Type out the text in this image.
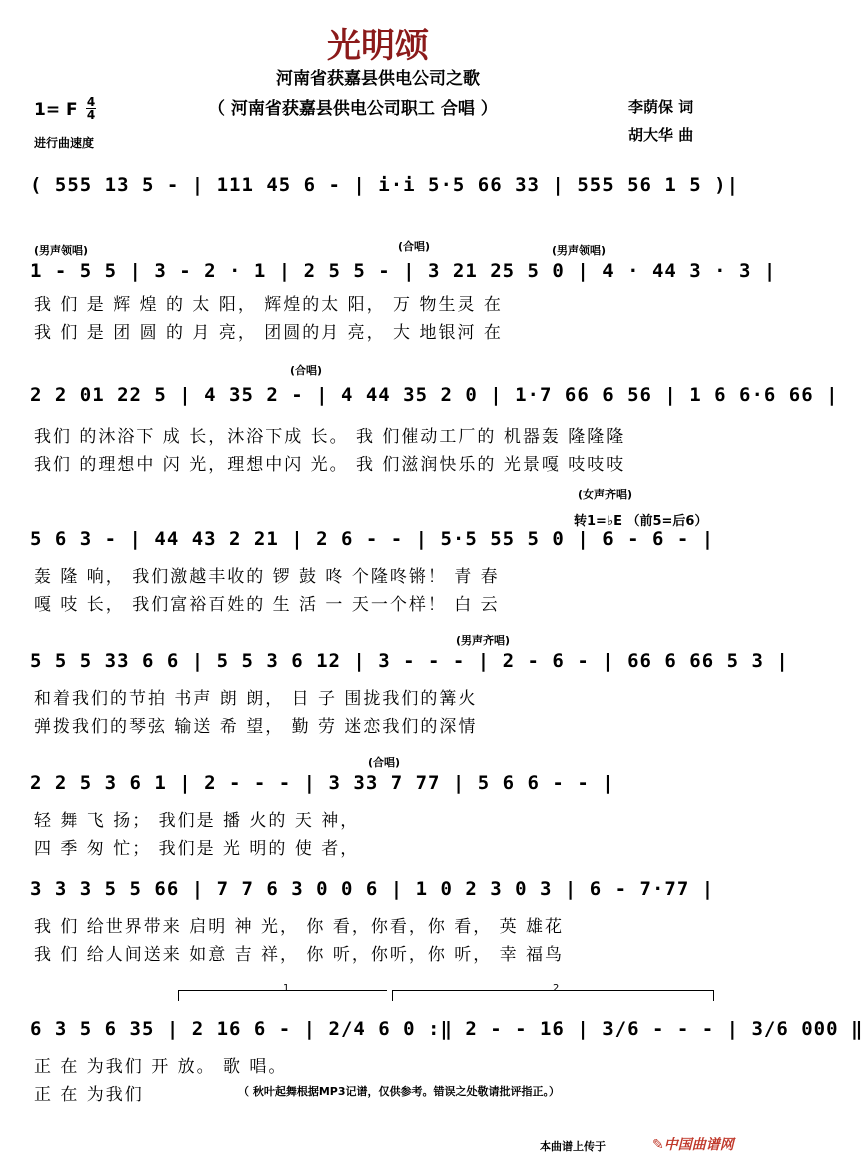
光明颂
河南省获嘉县供电公司之歌
（ 河南省获嘉县供电公司职工 合唱 ）	李荫保 词
胡大华 曲
1= F 4
4
进行曲速度
( 555 13 5 - | 111 45 6 - | i·i 5·5 66 33 | 555 56 1 5 )|
(男声领唱)	(合唱)	(男声领唱)
1 - 5 5 | 3 - 2 · 1 | 2 5 5 - | 3 21 25 5 0 | 4 · 44 3 · 3 |
我 们 是 辉 煌 的 太 阳， 辉煌的太 阳， 万 物生灵 在
我 们 是 团 圆 的 月 亮， 团圆的月 亮， 大 地银河 在
(合唱)
2 2 01 22 5 | 4 35 2 - | 4 44 35 2 0 | 1·7 66 6 56 | 1 6 6·6 66 |
我们 的沐浴下 成 长，沐浴下成 长。 我 们催动工厂的 机器轰 隆隆隆
我们 的理想中 闪 光，理想中闪 光。 我 们滋润快乐的 光景嘎 吱吱吱
(女声齐唱)
转1=♭E （前5=后6）
5 6 3 - | 44 43 2 21 | 2 6 - - | 5·5 55 5 0 | 6 - 6 - |
轰 隆 响， 我们激越丰收的 锣 鼓 咚 个隆咚锵！ 青 春
嘎 吱 长， 我们富裕百姓的 生 活 一 天一个样！ 白 云
(男声齐唱)
5 5 5 33 6 6 | 5 5 3 6 12 | 3 - - - | 2 - 6 - | 66 6 66 5 3 |
和着我们的节拍 书声 朗 朗， 日 子 围拢我们的篝火
弹拨我们的琴弦 输送 希 望， 勤 劳 迷恋我们的深情
(合唱)
2 2 5 3 6 1 | 2 - - - | 3 33 7 77 | 5 6 6 - - |
轻 舞 飞 扬； 我们是 播 火的 天 神，
四 季 匆 忙； 我们是 光 明的 使 者，
3 3 3 5 5 66 | 7 7 6 3 0 0 6 | 1 0 2 3 0 3 | 6 - 7·77 |
我 们 给世界带来 启明 神 光， 你 看，你看，你 看， 英 雄花
我 们 给人间送来 如意 吉 祥， 你 听，你听，你 听， 幸 福鸟
1	2
6 3 5 6 35 | 2 16 6 - | 2/4 6 0 :‖ 2 - - 16 | 3/6 - - - | 3/6 000 ‖
正 在 为我们 开 放。 歌 唱。
正 在 为我们	（ 秋叶起舞根据MP3记谱，仅供参考。错误之处敬请批评指正。）
本曲谱上传于	✎中国曲谱网
